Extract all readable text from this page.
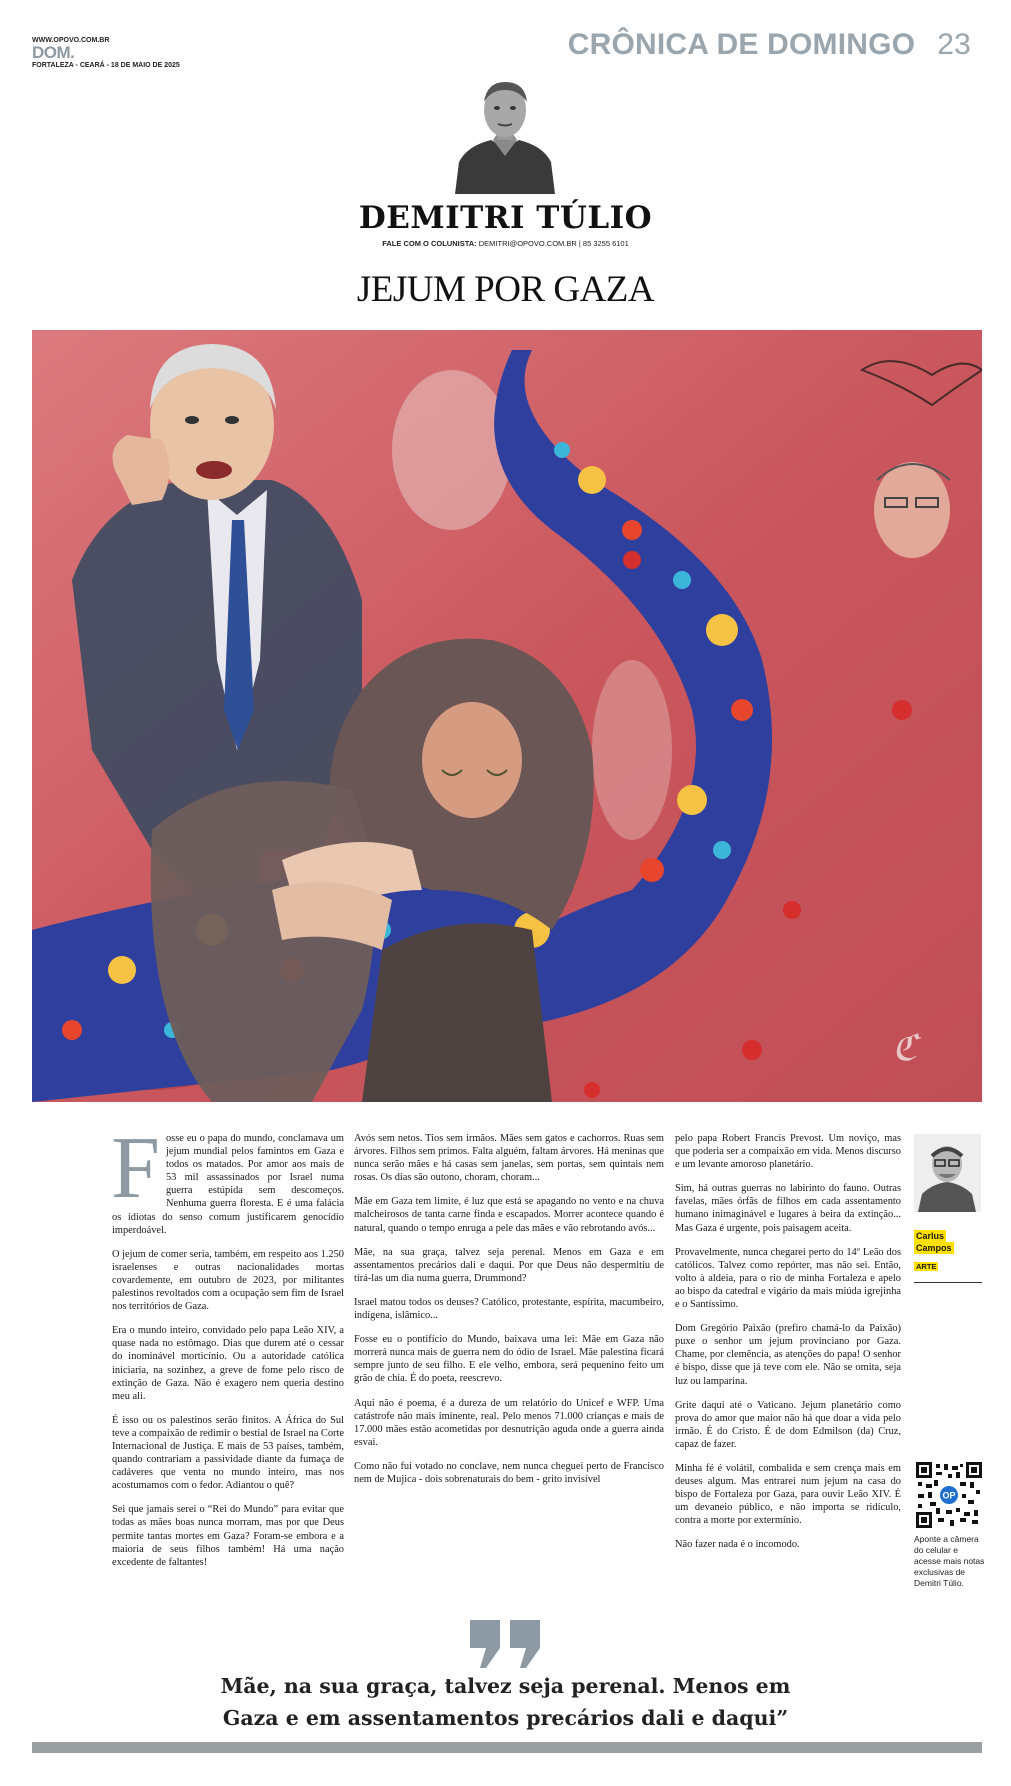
WWW.OPOVO.COM.BR
DOM.
FORTALEZA - CEARÁ - 18 DE MAIO DE 2025
CRÔNICA DE DOMINGO 23
DEMITRI TÚLIO
FALE COM O COLUNISTA: DEMITRI@OPOVO.COM.BR | 85 3255 6101
JEJUM POR GAZA
ℭ

Fosse eu o papa do mundo, conclamava um jejum mundial pelos famintos em Gaza e todos os matados. Por amor aos mais de 53 mil assassinados por Israel numa guerra estúpida sem descomeços. Nenhuma guerra floresta. E é uma falácia os idiotas do senso comum justificarem genocídio imperdoável.

O jejum de comer seria, também, em respeito aos 1.250 israelenses e outras nacionalidades mortas covardemente, em outubro de 2023, por militantes palestinos revoltados com a ocupação sem fim de Israel nos territórios de Gaza.

Era o mundo inteiro, convidado pelo papa Leão XIV, a quase nada no estômago. Dias que durem até o cessar do inominável morticínio. Ou a autoridade católica iniciaria, na sozinhez, a greve de fome pelo risco de extinção de Gaza. Não é exagero nem queria destino meu ali.

É isso ou os palestinos serão finitos. A África do Sul teve a compaixão de redimir o bestial de Israel na Corte Internacional de Justiça. E mais de 53 países, também, quando contrariam a passividade diante da fumaça de cadáveres que venta no mundo inteiro, mas nos acostumamos com o fedor. Adiantou o quê?

Sei que jamais serei o “Rei do Mundo” para evitar que todas as mães boas nunca morram, mas por que Deus permite tantas mortes em Gaza? Foram-se embora e a maioria de seus filhos também! Há uma nação excedente de faltantes!

Avós sem netos. Tios sem irmãos. Mães sem gatos e cachorros. Ruas sem árvores. Filhos sem primos. Falta alguém, faltam árvores. Há meninas que nunca serão mães e há casas sem janelas, sem portas, sem quintais nem rosas. Os dias são outono, choram, choram...

Mãe em Gaza tem limite, é luz que está se apagando no vento e na chuva malcheirosos de tanta carne finda e escapados. Morrer acontece quando é natural, quando o tempo enruga a pele das mães e vão rebrotando avós...

Mãe, na sua graça, talvez seja perenal. Menos em Gaza e em assentamentos precários dali e daqui. Por que Deus não despermitiu de tirá-las um dia numa guerra, Drummond?

Israel matou todos os deuses? Católico, protestante, espírita, macumbeiro, indígena, islâmico...

Fosse eu o pontifício do Mundo, baixava uma lei: Mãe em Gaza não morrerá nunca mais de guerra nem do ódio de Israel. Mãe palestina ficará sempre junto de seu filho. E ele velho, embora, será pequenino feito um grão de chia. É do poeta, reescrevo.

Aqui não é poema, é a dureza de um relatório do Unicef e WFP. Uma catástrofe não mais iminente, real. Pelo menos 71.000 crianças e mais de 17.000 mães estão acometidas por desnutrição aguda onde a guerra ainda esvai.

Como não fui votado no conclave, nem nunca cheguei perto de Francisco nem de Mujica - dois sobrenaturais do bem - grito invisível

pelo papa Robert Francis Prevost. Um noviço, mas que poderia ser a compaixão em vida. Menos discurso e um levante amoroso planetário.

Sim, há outras guerras no labirinto do fauno. Outras favelas, mães órfãs de filhos em cada assentamento humano inimaginável e lugares à beira da extinção... Mas Gaza é urgente, pois paisagem aceita.

Provavelmente, nunca chegarei perto do 14º Leão dos católicos. Talvez como repórter, mas não sei. Então, volto à aldeia, para o rio de minha Fortaleza e apelo ao bispo da catedral e vigário da mais miúda igrejinha e o Santíssimo.

Dom Gregório Paixão (prefiro chamá-lo da Paixão) puxe o senhor um jejum provinciano por Gaza. Chame, por clemência, as atenções do papa! O senhor é bispo, disse que já teve com ele. Não se omita, seja luz ou lamparina.

Grite daqui até o Vaticano. Jejum planetário como prova do amor que maior não há que doar a vida pelo irmão. É do Cristo. É de dom Edmilson (da) Cruz, capaz de fazer.

Minha fé é volátil, combalida e sem crença mais em deuses algum. Mas entrarei num jejum na casa do bispo de Fortaleza por Gaza, para ouvir Leão XIV. É um devaneio público, e não importa se ridículo, contra a morte por extermínio.

Não fazer nada é o incomodo.

Carlus
Campos
ARTE
OP
Aponte a câmera do celular e acesse mais notas exclusivas de Demitri Túlio.
Mãe, na sua graça, talvez seja perenal. Menos em
Gaza e em assentamentos precários dali e daqui”
